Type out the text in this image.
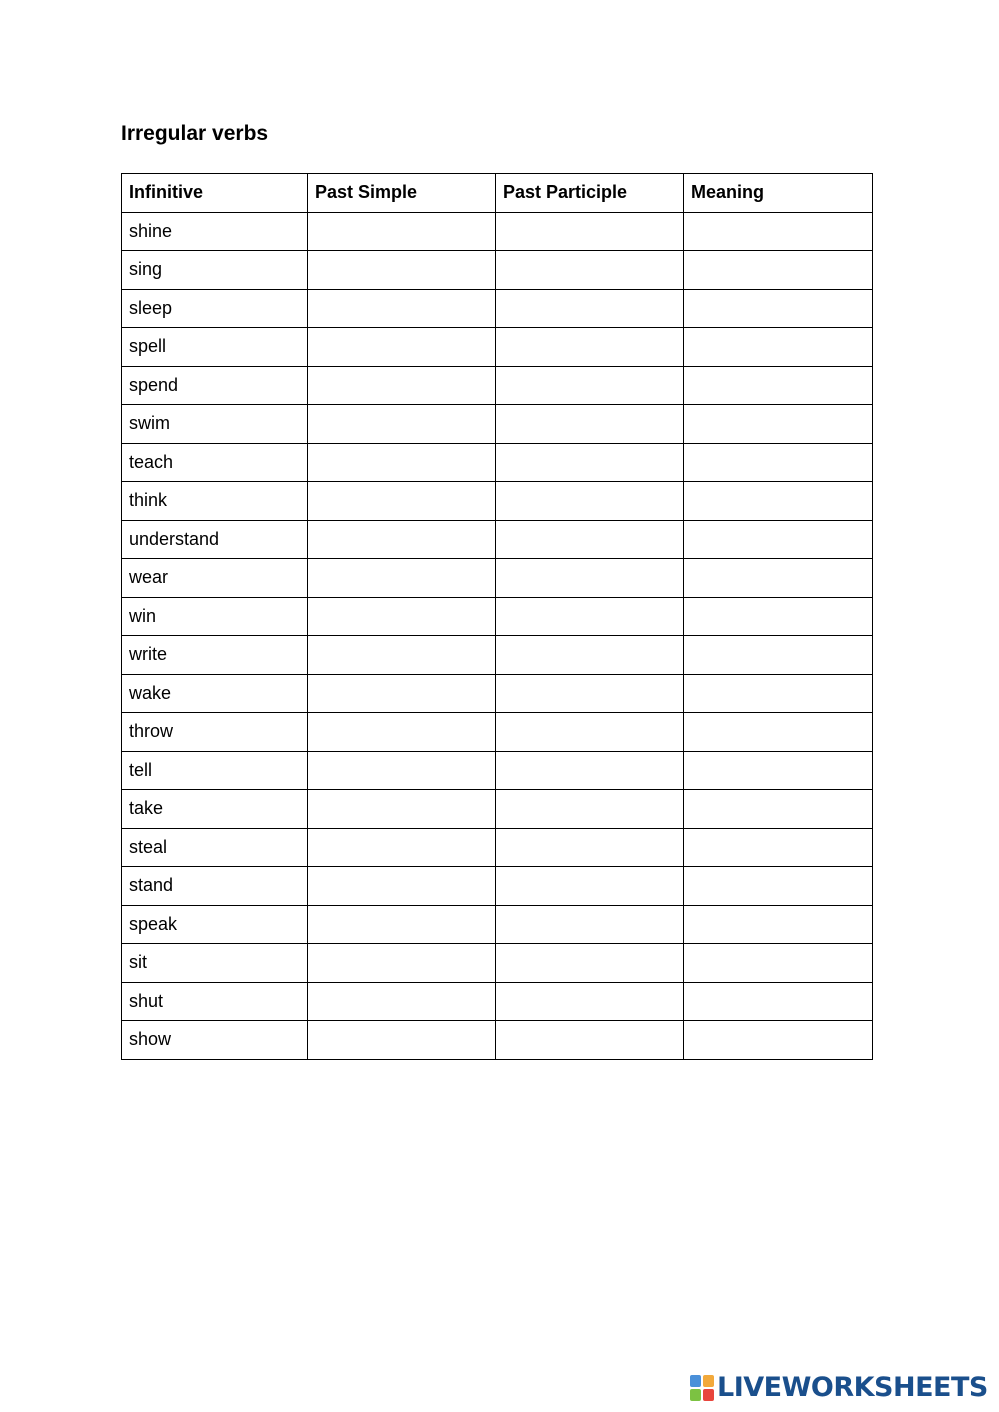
Irregular verbs
Infinitive	Past Simple	Past Participle	Meaning
shine			
sing			
sleep			
spell			
spend			
swim			
teach			
think			
understand			
wear			
win			
write			
wake			
throw			
tell			
take			
steal			
stand			
speak			
sit			
shut			
show			
LIVEWORKSHEETS
